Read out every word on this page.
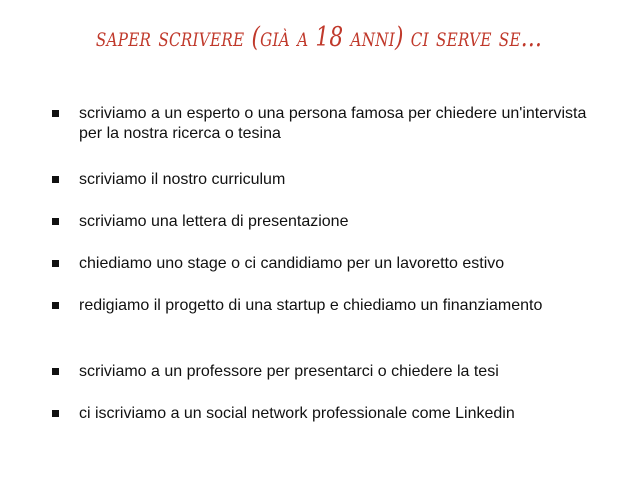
saper scrivere (già a 18 anni) ci serve se...
scriviamo a un esperto o una persona famosa per chiedere un'intervista per la nostra ricerca o tesina
scriviamo il nostro curriculum
scriviamo una lettera di presentazione
chiediamo uno stage o ci candidiamo per un lavoretto estivo
redigiamo il progetto di una startup e chiediamo un finanziamento
scriviamo a un professore per presentarci o chiedere la tesi
ci iscriviamo a un social network professionale come Linkedin
